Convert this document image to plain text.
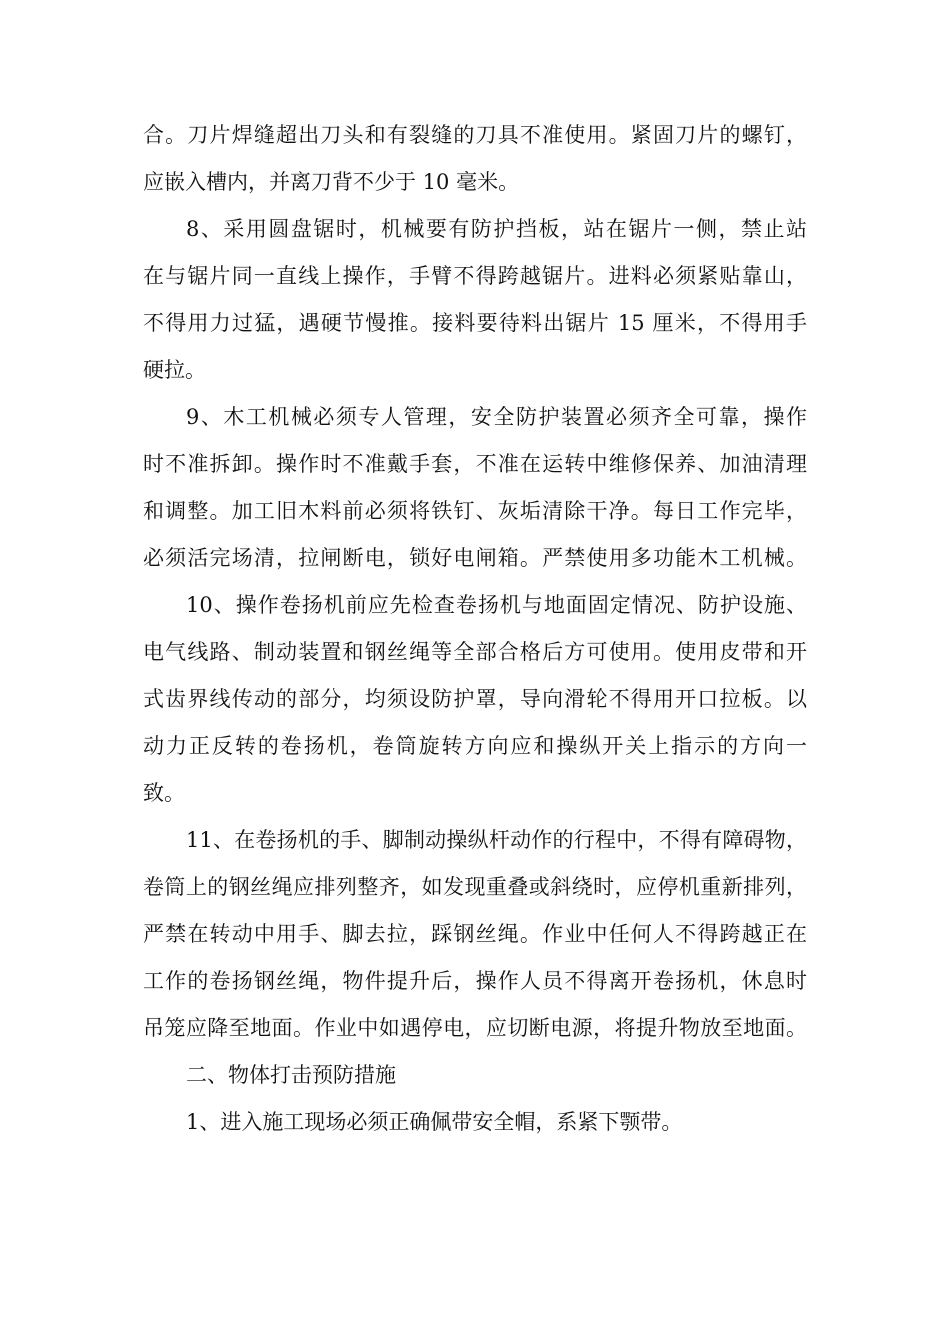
合。刀片焊缝超出刀头和有裂缝的刀具不准使用。紧固刀片的螺钉，
应嵌入槽内，并离刀背不少于 10 毫米。
8、采用圆盘锯时，机械要有防护挡板，站在锯片一侧，禁止站
在与锯片同一直线上操作，手臂不得跨越锯片。进料必须紧贴靠山，
不得用力过猛，遇硬节慢推。接料要待料出锯片 15 厘米，不得用手
硬拉。
9、木工机械必须专人管理，安全防护装置必须齐全可靠，操作
时不准拆卸。操作时不准戴手套，不准在运转中维修保养、加油清理
和调整。加工旧木料前必须将铁钉、灰垢清除干净。每日工作完毕，
必须活完场清，拉闸断电，锁好电闸箱。严禁使用多功能木工机械。
10、操作卷扬机前应先检查卷扬机与地面固定情况、防护设施、
电气线路、制动装置和钢丝绳等全部合格后方可使用。使用皮带和开
式齿界线传动的部分，均须设防护罩，导向滑轮不得用开口拉板。以
动力正反转的卷扬机，卷筒旋转方向应和操纵开关上指示的方向一
致。
11、在卷扬机的手、脚制动操纵杆动作的行程中，不得有障碍物，
卷筒上的钢丝绳应排列整齐，如发现重叠或斜绕时，应停机重新排列，
严禁在转动中用手、脚去拉，踩钢丝绳。作业中任何人不得跨越正在
工作的卷扬钢丝绳，物件提升后，操作人员不得离开卷扬机，休息时
吊笼应降至地面。作业中如遇停电，应切断电源，将提升物放至地面。
二、物体打击预防措施
1、进入施工现场必须正确佩带安全帽，系紧下颚带。
